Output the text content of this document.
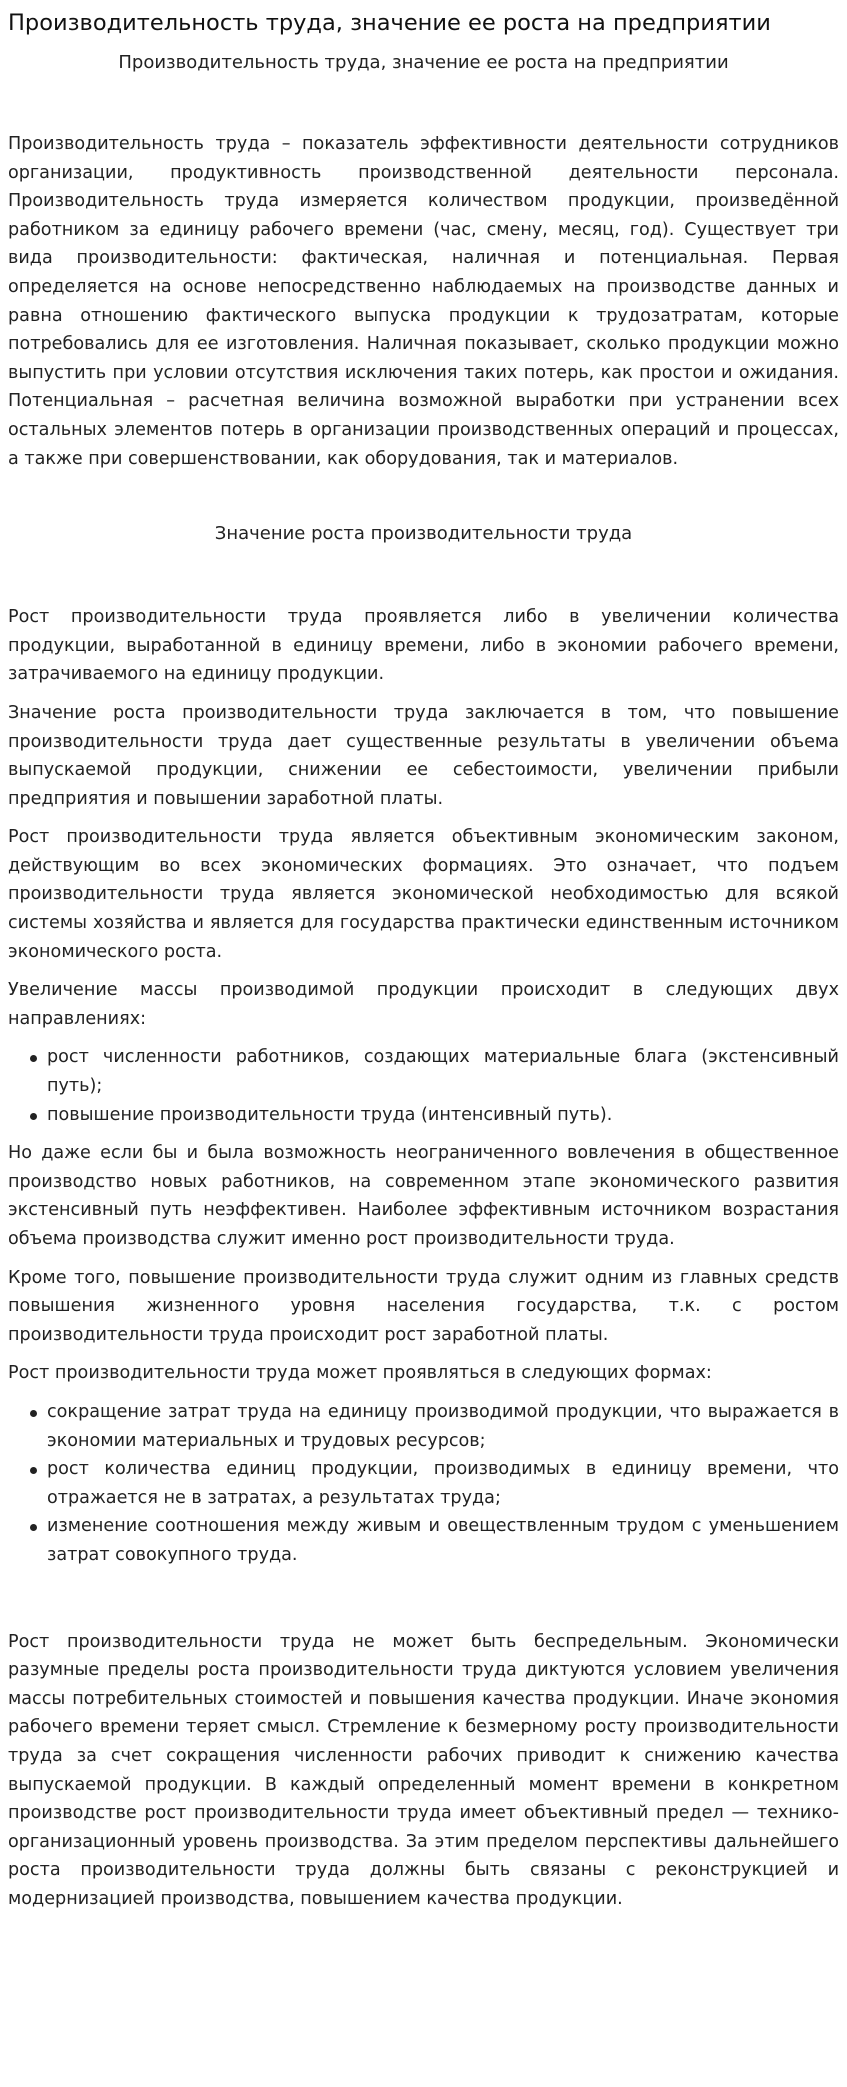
Производительность труда, значение ее роста на предприятии
Производительность труда, значение ее роста на предприятии

Производительность труда – показатель эффективности деятельности сотрудников организации, продуктивность производственной деятельности персонала. Производительность труда измеряется количеством продукции, произведённой работником за единицу рабочего времени (час, смену, месяц, год). Существует три вида производительности: фактическая, наличная и потенциальная. Первая определяется на основе непосредственно наблюдаемых на производстве данных и равна отношению фактического выпуска продукции к трудозатратам, которые потребовались для ее изготовления. Наличная показывает, сколько продукции можно выпустить при условии отсутствия исключения таких потерь, как простои и ожидания. Потенциальная – расчетная величина возможной выработки при устранении всех остальных элементов потерь в организации производственных операций и процессах, а также при совершенствовании, как оборудования, так и материалов.

Значение роста производительности труда

Рост производительности труда проявляется либо в увеличении количества продукции, выработанной в единицу времени, либо в экономии рабочего времени, затрачиваемого на единицу продукции.

Значение роста производительности труда заключается в том, что повышение производительности труда дает существенные результаты в увеличении объема выпускаемой продукции, снижении ее себестоимости, увеличении прибыли предприятия и повышении заработной платы.

Рост производительности труда является объективным экономическим законом, действующим во всех экономических формациях. Это означает, что подъем производительности труда является экономической необходимостью для всякой системы хозяйства и является для государства практически единственным источником экономического роста.

Увеличение массы производимой продукции происходит в следующих двух направлениях:

рост численности работников, создающих материальные блага (экстенсивный путь);
повышение производительности труда (интенсивный путь).

Но даже если бы и была возможность неограниченного вовлечения в общественное производство новых работников, на современном этапе экономического развития экстенсивный путь неэффективен. Наиболее эффективным источником возрастания объема производства служит именно рост производительности труда.

Кроме того, повышение производительности труда служит одним из главных средств повышения жизненного уровня населения государства, т.к. с ростом производительности труда происходит рост заработной платы.

Рост производительности труда может проявляться в следующих формах:

сокращение затрат труда на единицу производимой продукции, что выражается в экономии материальных и трудовых ресурсов;
рост количества единиц продукции, производимых в единицу времени, что отражается не в затратах, а результатах труда;
изменение соотношения между живым и овеществленным трудом с уменьшением затрат совокупного труда.

Рост производительности труда не может быть беспредельным. Экономически разумные пределы роста производительности труда диктуются условием увеличения массы потребительных стоимостей и повышения качества продукции. Иначе экономия рабочего времени теряет смысл. Стремление к безмерному росту производительности труда за счет сокращения численности рабочих приводит к снижению качества выпускаемой продукции. В каждый определенный момент времени в конкретном производстве рост производительности труда имеет объективный предел — технико-организационный уровень производства. За этим пределом перспективы дальнейшего роста производительности труда должны быть связаны с реконструкцией и модернизацией производства, повышением качества продукции.
